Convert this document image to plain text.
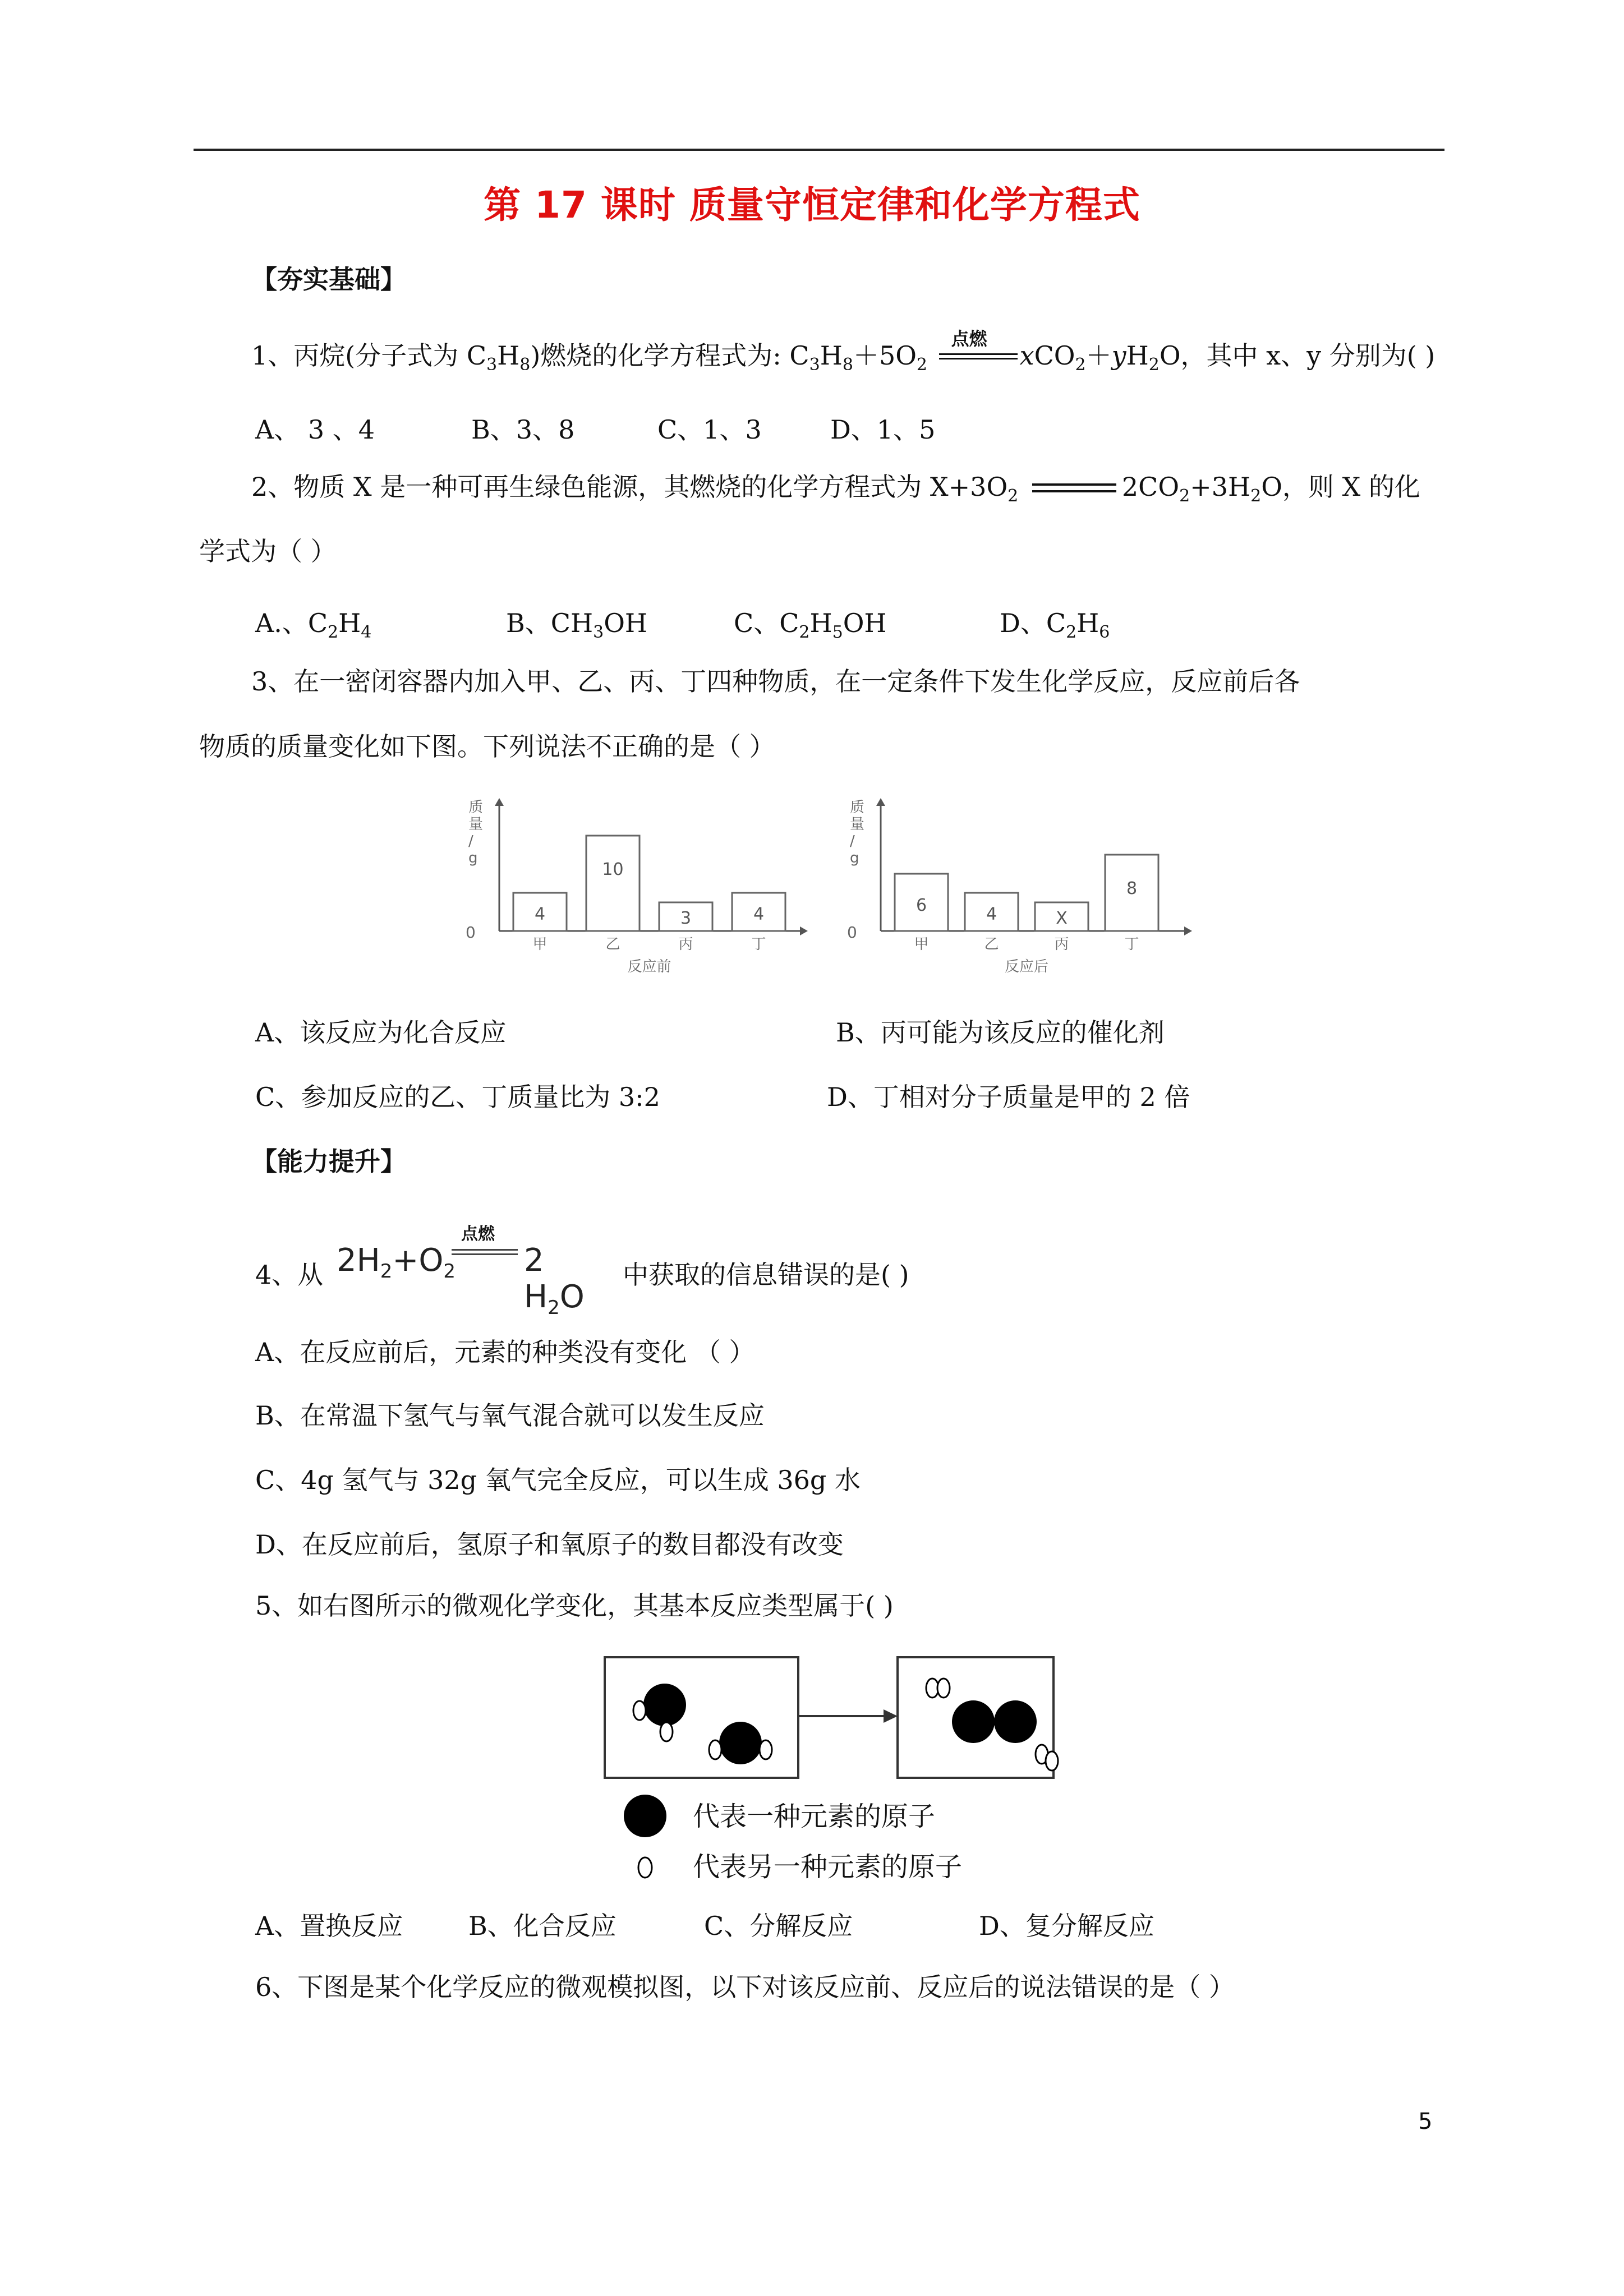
第 17 课时 质量守恒定律和化学方程式
【夯实基础】
1、丙烷(分子式为 $C_3H_8$)燃烧的化学方程式为: $C_3H_8+5O_2$
点燃
$xCO_2+yH_2O$，其中 x、y 分别为( )
A、 3 、4	B、3、8	C、1、3	D、1、5
2、物质 X 是一种可再生绿色能源，其燃烧的化学方程式为 $X+3O_2$	$2CO_2+3H_2O$，则 X 的化
学式为（ ）
A.、$C_2H_4$	B、$CH_3OH$	C、$C_2H_5OH$	D、$C_2H_6$
3、在一密闭容器内加入甲、乙、丙、丁四种物质，在一定条件下发生化学反应，反应前后各
物质的质量变化如下图。下列说法不正确的是（ ）
质量/ g
0
4
甲
10
乙
3
丙
4
丁
反应前
质量/ g
0
6
甲
4
乙
X
丙
8
丁
反应后
A、该反应为化合反应	B、丙可能为该反应的催化剂
C、参加反应的乙、丁质量比为 3:2	D、丁相对分子质量是甲的 2 倍
【能力提升】
4、从 $2H_2+O_2$
点燃
2 $H_2O$
中获取的信息错误的是( )
A、在反应前后，元素的种类没有变化 （ ）
B、在常温下氢气与氧气混合就可以发生反应
C、4g 氢气与 32g 氧气完全反应，可以生成 36g 水
D、在反应前后，氢原子和氧原子的数目都没有改变
5、如右图所示的微观化学变化，其基本反应类型属于( )
代表一种元素的原子
代表另一种元素的原子
A、置换反应	B、化合反应	C、分解反应	D、复分解反应
6、下图是某个化学反应的微观模拟图，以下对该反应前、反应后的说法错误的是（ ）
5
